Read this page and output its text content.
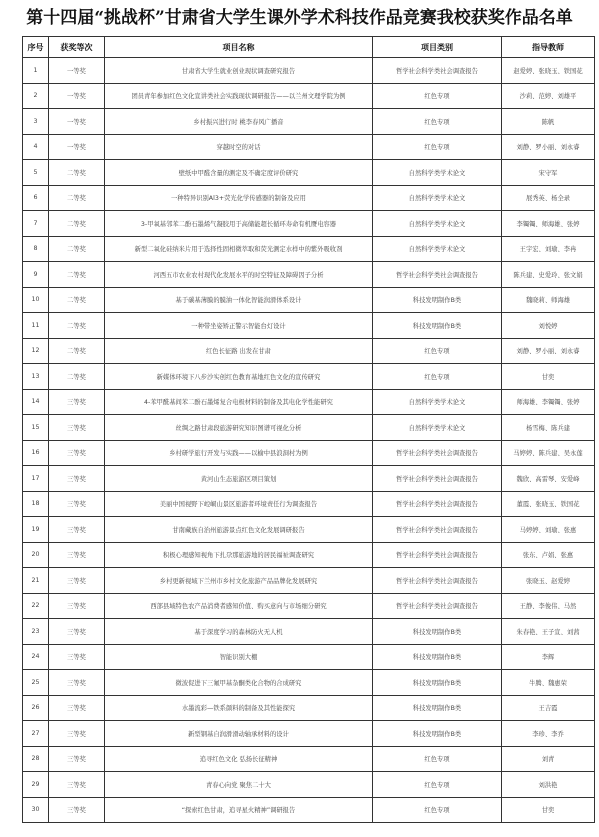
第十四届“挑战杯”甘肃省大学生课外学术科技作品竞赛我校获奖作品名单
序号	获奖等次	项目名称	项目类别	指导教师
1	一等奖	甘肃省大学生就业创业现状调查研究报告	哲学社会科学类社会调查报告	赵爱婷、张晓玉、铁国花
2	一等奖	团员青年参加红色文化宣讲类社会实践现状调研报告——以兰州文理学院为例	红色专项	沙莉、范婷、刘雄平
3	一等奖	乡村振兴进行时 桃李春风广播音	红色专项	陈帆
4	一等奖	穿越时空的对话	红色专项	刘静、罗小丽、刘永睿
5	二等奖	壁纸中甲醛含量的测定及不确定度评价研究	自然科学类学术论文	宋守军
6	二等奖	一种特异识别Al3+荧光化学传感器的制备及应用	自然科学类学术论文	展秀英、杨全录
7	二等奖	3-甲氧基邻苯二酚石墨烯气凝胶用于高储能超长循环寿命有机赝电容器	自然科学类学术论文	李镯镯、师海雄、张婷
8	二等奖	新型二氧化硅纳米片用于选择性固相微萃取和荧光测定水样中的紫外吸收剂	自然科学类学术论文	王宇宏、刘瑜、李冉
9	二等奖	河西五市农业农村现代化发展水平的时空特征及障碍因子分析	哲学社会科学类社会调查报告	陈兵建、史爱玲、张文娟
10	二等奖	基于碳基薄膜的膜油一体化智能润滑体系设计	科技发明制作B类	魏晓莉、师海雄
11	二等奖	一种带坐姿矫正警示智能台灯设计	科技发明制作B类	刘悦婷
12	二等奖	红色长征路 出发在甘肃	红色专项	刘静、罗小丽、刘永睿
13	二等奖	新媒体环境下八步沙实创红色教育基地红色文化的宣传研究	红色专项	甘奕
14	三等奖	4-苯甲酰基间苯二酚石墨烯复合电极材料的制备及其电化学性能研究	自然科学类学术论文	师海雄、李镯镯、张婷
15	三等奖	丝绸之路甘肃段旅游研究知识图谱可视化分析	自然科学类学术论文	杨雪梅、陈兵建
16	三等奖	乡村研学旅行开发与实践——以榆中县浪洞村为例	哲学社会科学类社会调查报告	马婷婷、陈兵建、吴永莲
17	三等奖	黄河山生态旅游区项目策划	哲学社会科学类社会调查报告	魏欣、高雷琴、安爱峰
18	三等奖	美丽中国视野下崆峒山景区旅游者环境责任行为调查报告	哲学社会科学类社会调查报告	董霞、张晓玉、铁国花
19	三等奖	甘南藏族自治州旅游景点红色文化发展调研报告	哲学社会科学类社会调查报告	马婷婷、刘瑜、张惠
20	三等奖	积极心理感知视角下扎尕那旅游地的居民福祉调查研究	哲学社会科学类社会调查报告	张东、卢娟、张惠
21	三等奖	乡村更新视域下兰州市乡村文化旅游产品品牌化发展研究	哲学社会科学类社会调查报告	张晓玉、赵爱婷
22	三等奖	西部县域特色农产品消费者感知价值、购买意向与市场细分研究	哲学社会科学类社会调查报告	王静、李俊伟、马然
23	三等奖	基于深度学习的森林防火无人机	科技发明制作B类	朱春艳、王子宣、刘茜
24	三等奖	智能识别大棚	科技发明制作B类	李辉
25	三等奖	微波促进下三氟甲基杂酮类化合物的合成研究	科技发明制作B类	牛腾、魏惠荣
26	三等奖	水墨流彩—铁系颜料的制备及其性能探究	科技发明制作B类	王吉霞
27	三等奖	新型钢基自润滑滑动轴承材料的设计	科技发明制作B类	李珍、李乔
28	三等奖	追寻红色文化 弘扬长征精神	红色专项	刘青
29	三等奖	青春心向党 聚焦二十大	红色专项	刘洪艳
30	三等奖	“探索红色甘肃，追寻星火精神”调研报告	红色专项	甘奕
